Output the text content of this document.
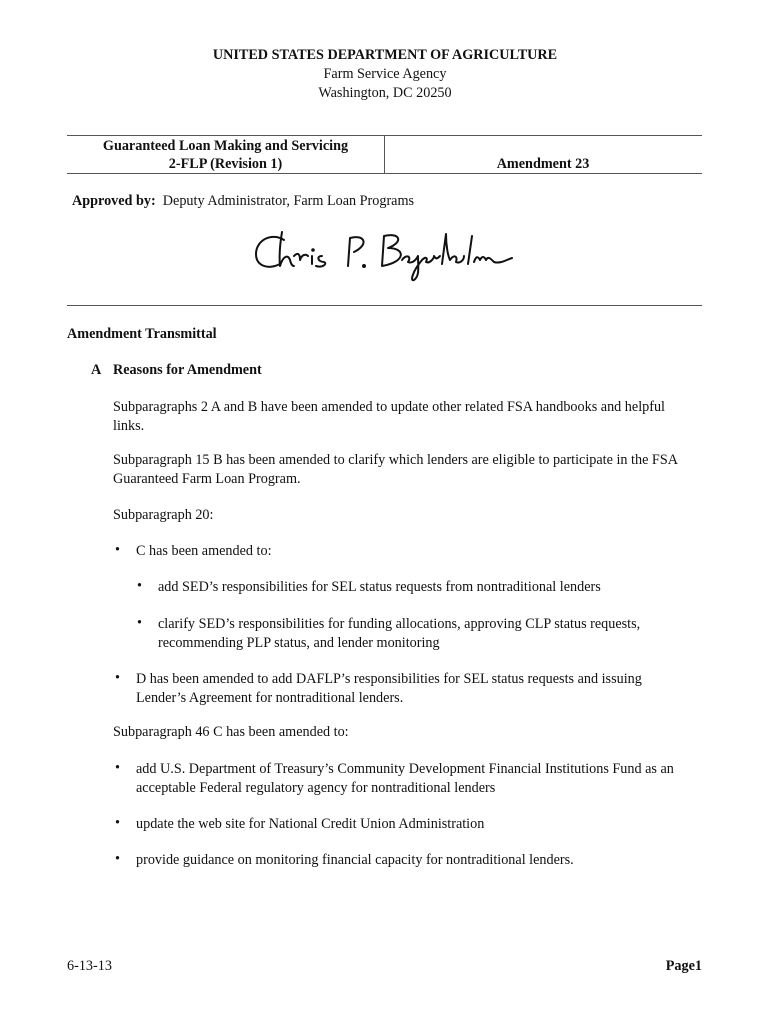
UNITED STATES DEPARTMENT OF AGRICULTURE
Farm Service Agency
Washington, DC 20250
Guaranteed Loan Making and Servicing
2-FLP (Revision 1)	Amendment 23
Approved by: Deputy Administrator, Farm Loan Programs
Amendment Transmittal
A Reasons for Amendment
Subparagraphs 2 A and B have been amended to update other related FSA handbooks and helpful links.
Subparagraph 15 B has been amended to clarify which lenders are eligible to participate in the FSA Guaranteed Farm Loan Program.
Subparagraph 20:
• C has been amended to:
• add SED’s responsibilities for SEL status requests from nontraditional lenders
• clarify SED’s responsibilities for funding allocations, approving CLP status requests, recommending PLP status, and lender monitoring
• D has been amended to add DAFLP’s responsibilities for SEL status requests and issuing Lender’s Agreement for nontraditional lenders.
Subparagraph 46 C has been amended to:
• add U.S. Department of Treasury’s Community Development Financial Institutions Fund as an acceptable Federal regulatory agency for nontraditional lenders
• update the web site for National Credit Union Administration
• provide guidance on monitoring financial capacity for nontraditional lenders.
6-13-13	Page1
